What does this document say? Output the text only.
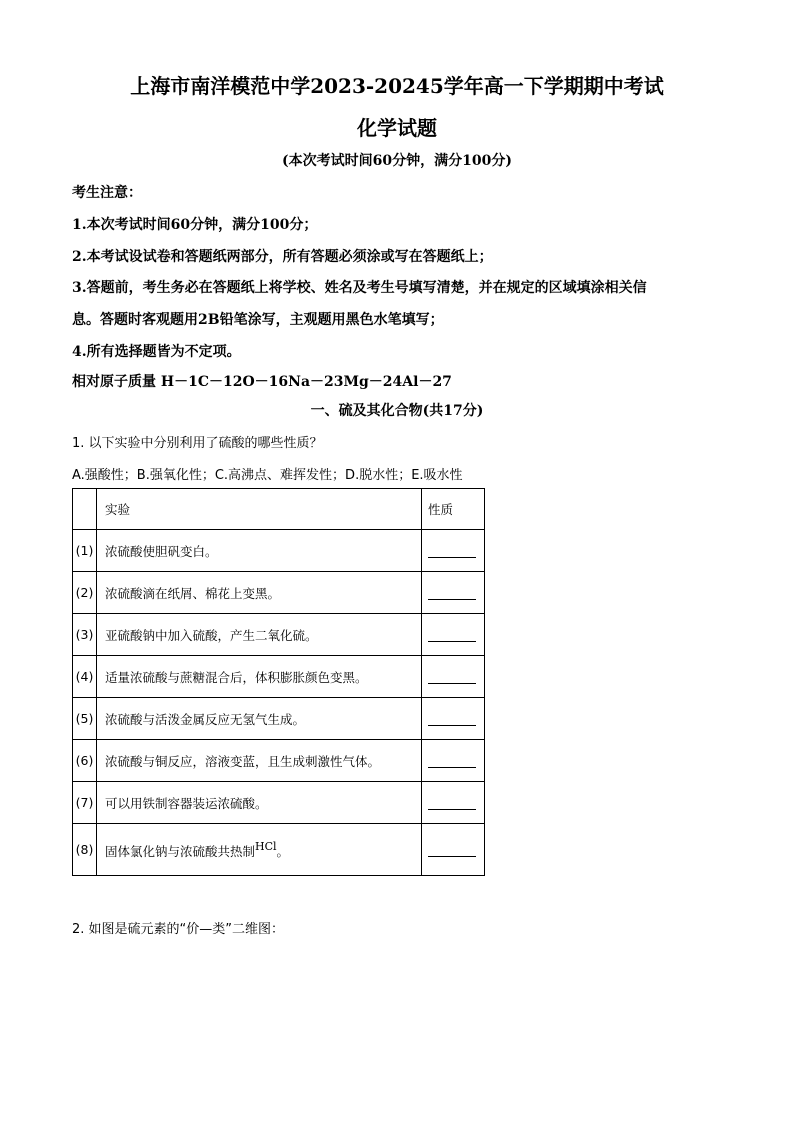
上海市南洋模范中学2023-20245学年高一下学期期中考试
化学试题
(本次考试时间60分钟，满分100分)
考生注意：
1.本次考试时间60分钟，满分100分；
2.本考试设试卷和答题纸两部分，所有答题必须涂或写在答题纸上；
3.答题前，考生务必在答题纸上将学校、姓名及考生号填写清楚，并在规定的区域填涂相关信
息。答题时客观题用2B铅笔涂写，主观题用黑色水笔填写；
4.所有选择题皆为不定项。
相对原子质量 H－1C－12O－16Na－23Mg－24Al－27
一、硫及其化合物(共17分)
1. 以下实验中分别利用了硫酸的哪些性质？
A.强酸性；B.强氧化性；C.高沸点、难挥发性；D.脱水性；E.吸水性
	实验	性质
(1)	浓硫酸使胆矾变白。	
(2)	浓硫酸滴在纸屑、棉花上变黑。	
(3)	亚硫酸钠中加入硫酸，产生二氧化硫。	
(4)	适量浓硫酸与蔗糖混合后，体积膨胀颜色变黑。	
(5)	浓硫酸与活泼金属反应无氢气生成。	
(6)	浓硫酸与铜反应，溶液变蓝，且生成刺激性气体。	
(7)	可以用铁制容器装运浓硫酸。	
(8)	固体氯化钠与浓硫酸共热制$^{HCl}$。	
2. 如图是硫元素的“价—类”二维图：
